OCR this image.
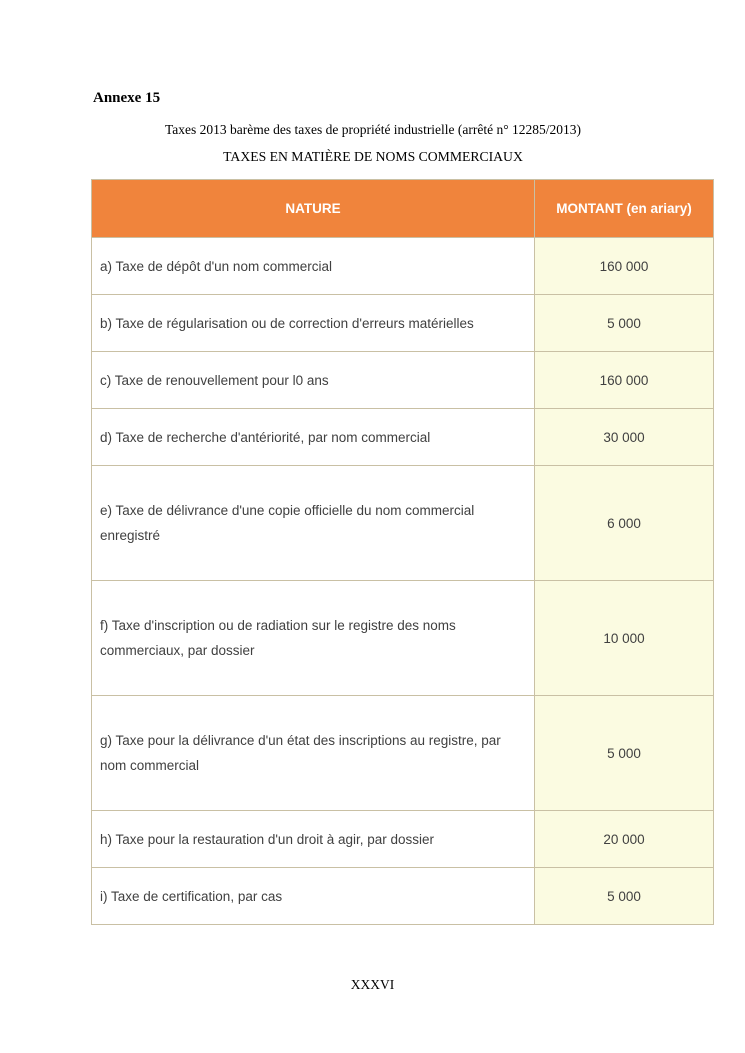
Annexe 15

Taxes 2013 barème des taxes de propriété industrielle (arrêté n° 12285/2013)

TAXES EN MATIÈRE DE NOMS COMMERCIAUX

NATURE	MONTANT (en ariary)
a) Taxe de dépôt d'un nom commercial	160 000
b) Taxe de régularisation ou de correction d'erreurs matérielles	5 000
c) Taxe de renouvellement pour l0 ans	160 000
d) Taxe de recherche d'antériorité, par nom commercial	30 000
e) Taxe de délivrance d'une copie officielle du nom commercial enregistré	6 000
f) Taxe d'inscription ou de radiation sur le registre des noms commerciaux, par dossier	10 000
g) Taxe pour la délivrance d'un état des inscriptions au registre, par nom commercial	5 000
h) Taxe pour la restauration d'un droit à agir, par dossier	20 000
i) Taxe de certification, par cas	5 000
XXXVI
